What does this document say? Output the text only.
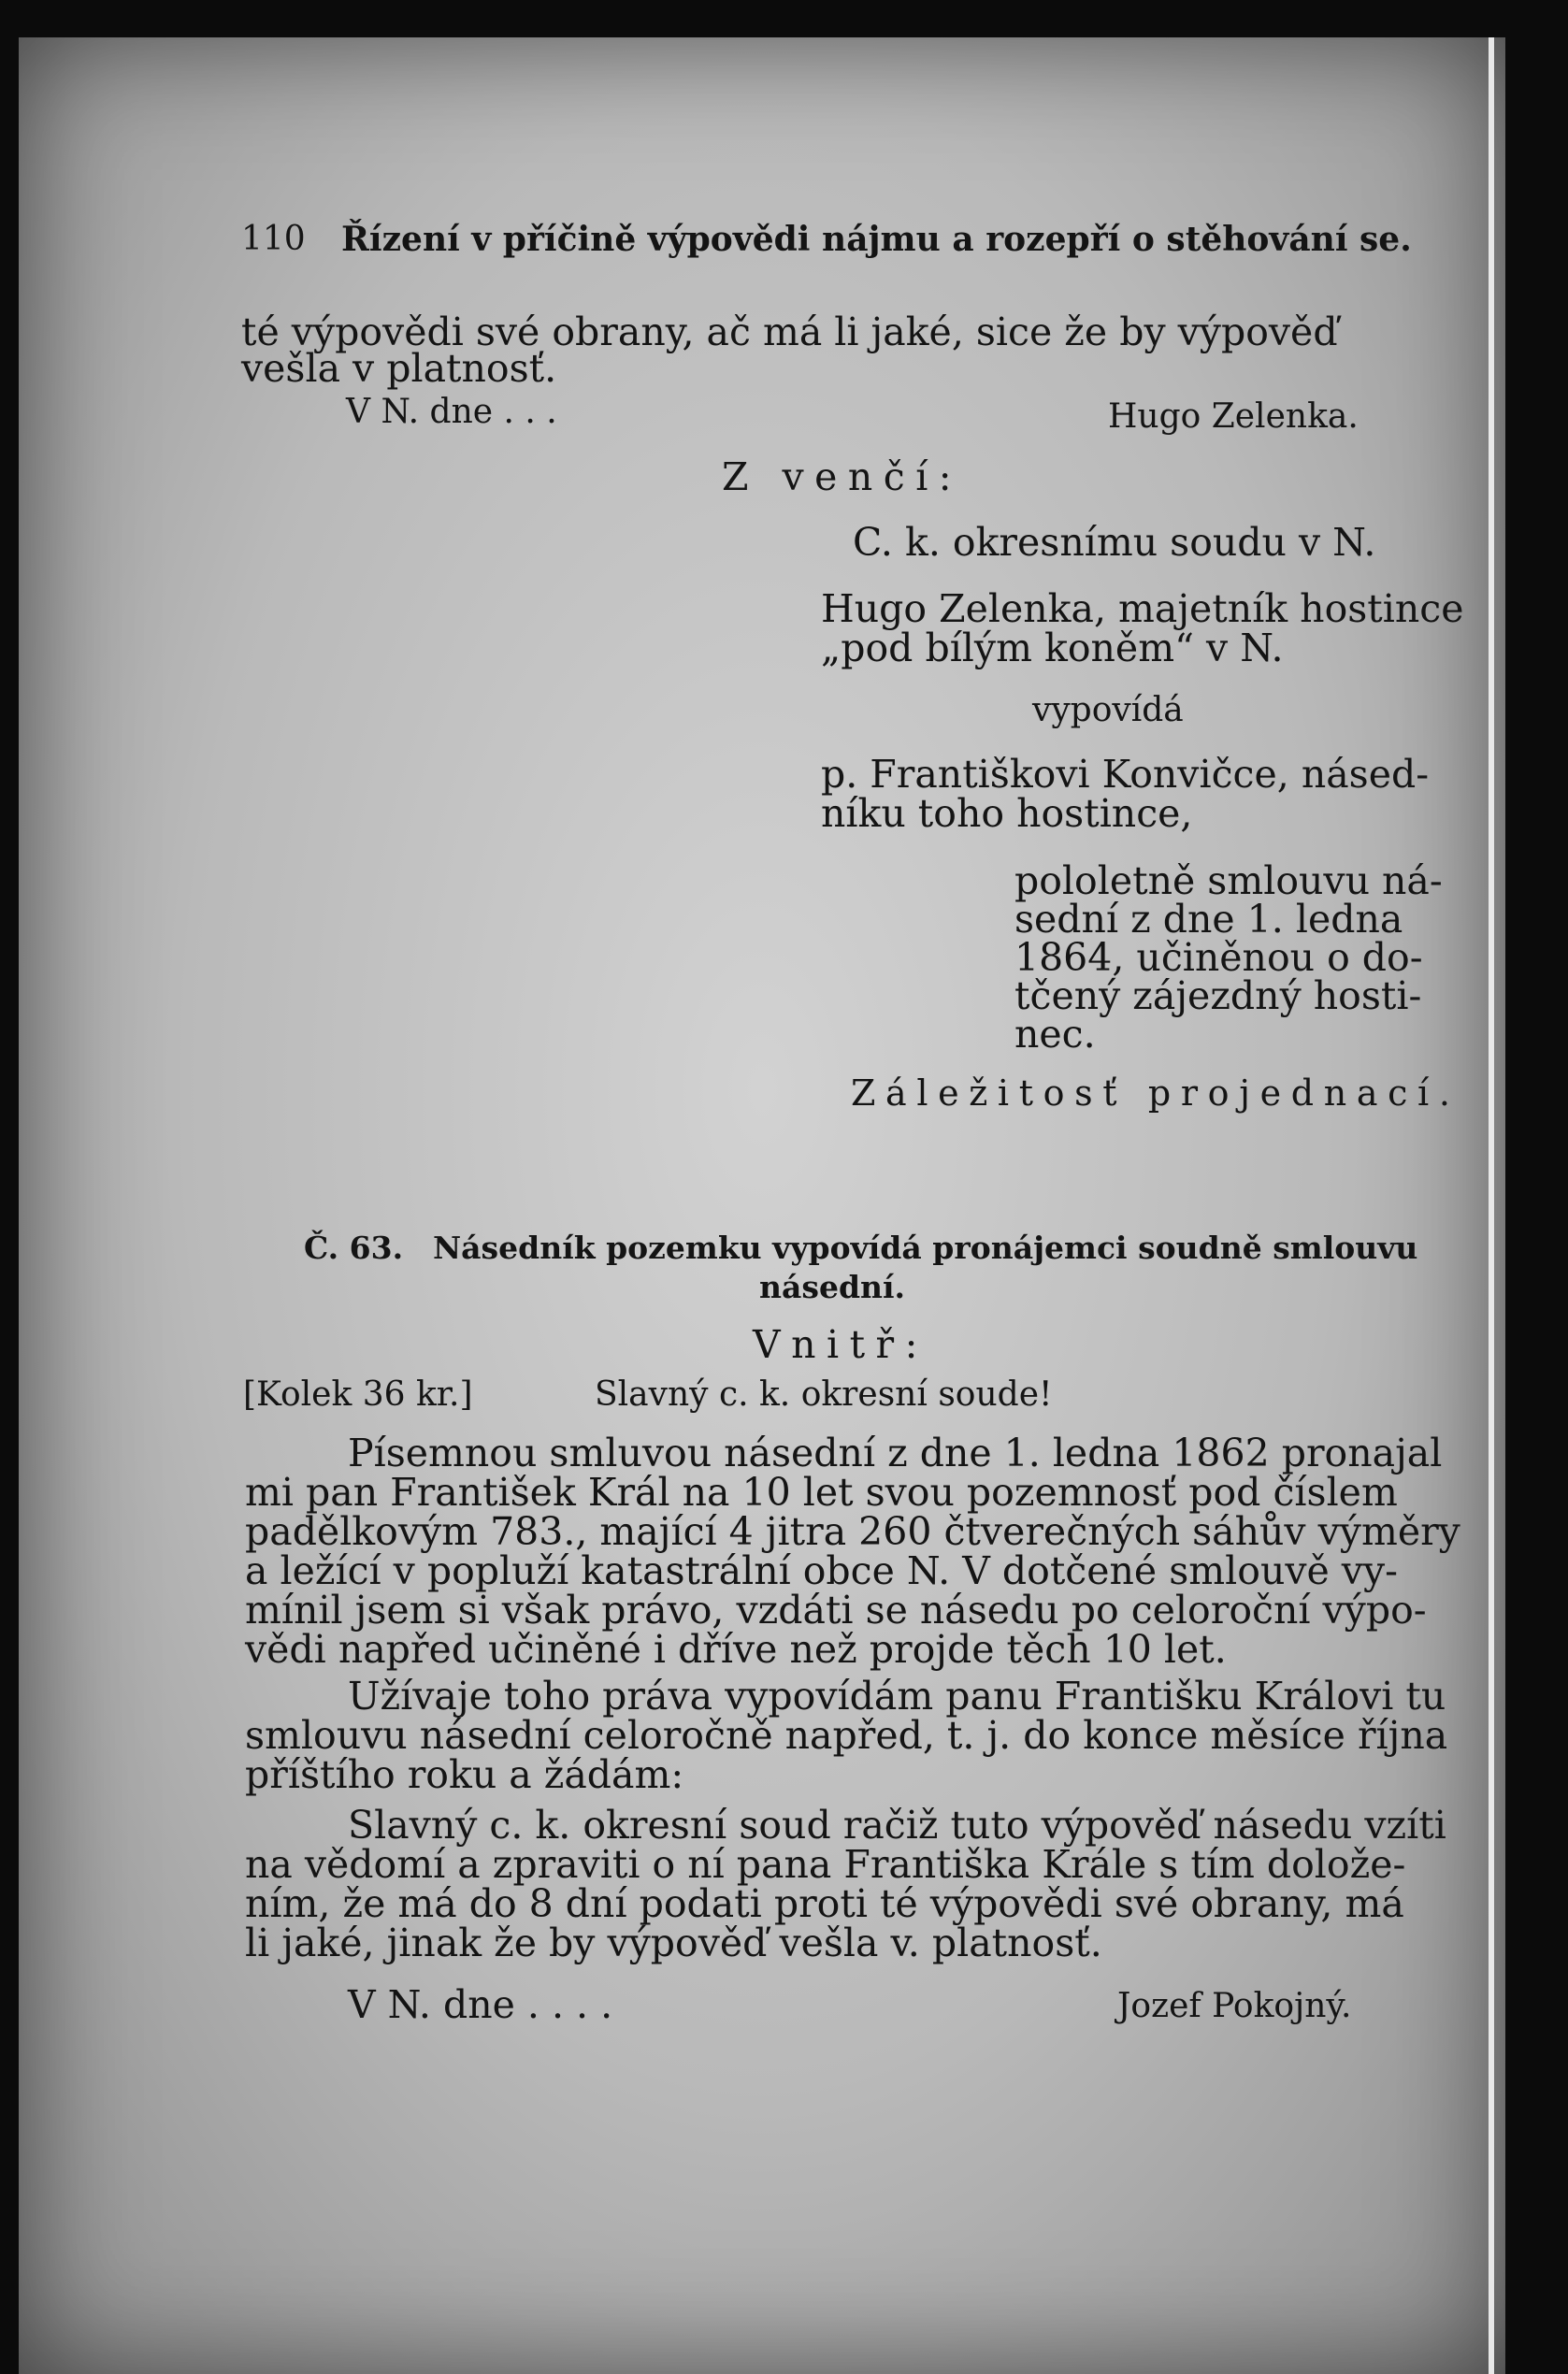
110 Řízení v příčině výpovědi nájmu a rozepří o stěhování se.
té výpovědi své obrany, ač má li jaké, sice že by výpověď
vešla v platnosť.
V N. dne . . .	Hugo Zelenka.
Z venčí:
C. k. okresnímu soudu v N.
Hugo Zelenka, majetník hostince
„pod bílým koněm“ v N.
vypovídá
p. Františkovi Konvičce, násed-
níku toho hostince,
pololetně smlouvu ná-
sední z dne 1. ledna
1864, učiněnou o do-
tčený zájezdný hosti-
nec.
Záležitosť projednací.
Č. 63. Násedník pozemku vypovídá pronájemci soudně smlouvu
násední.
Vnitř:
[Kolek 36 kr.]	Slavný c. k. okresní soude!
Písemnou smluvou násední z dne 1. ledna 1862 pronajal
mi pan František Král na 10 let svou pozemnosť pod číslem
padělkovým 783., mající 4 jitra 260 čtverečných sáhův výměry
a ležící v popluží katastrální obce N. V dotčené smlouvě vy-
mínil jsem si však právo, vzdáti se násedu po celoroční výpo-
vědi napřed učiněné i dříve než projde těch 10 let.
Užívaje toho práva vypovídám panu Františku Královi tu
smlouvu násední celoročně napřed, t. j. do konce měsíce října
příštího roku a žádám:
Slavný c. k. okresní soud račiž tuto výpověď násedu vzíti
na vědomí a zpraviti o ní pana Františka Krále s tím dolože-
ním, že má do 8 dní podati proti té výpovědi své obrany, má
li jaké, jinak že by výpověď vešla v. platnosť.
V N. dne . . . .	Jozef Pokojný.
